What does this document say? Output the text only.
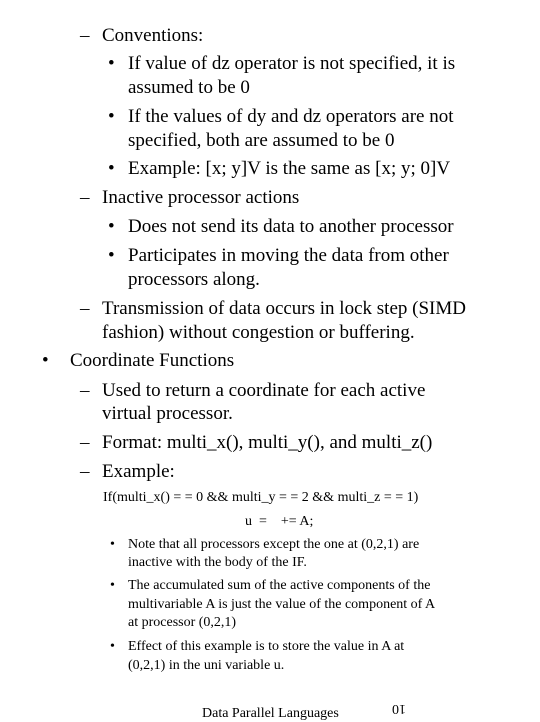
– Conventions:
• If value of dz operator is not specified, it is
assumed to be 0
• If the values of dy and dz operators are not
specified, both are assumed to be 0
• Example: [x; y]V is the same as [x; y; 0]V
– Inactive processor actions
• Does not send its data to another processor
• Participates in moving the data from other
processors along.
– Transmission of data occurs in lock step (SIMD
fashion) without congestion or buffering.
• Coordinate Functions
– Used to return a coordinate for each active
virtual processor.
– Format: multi_x(), multi_y(), and multi_z()
– Example:
If(multi_x() = = 0 && multi_y = = 2 && multi_z = = 1)
u  =    += A;
• Note that all processors except the one at (0,2,1) are
inactive with the body of the IF.
• The accumulated sum of the active components of the
multivariable A is just the value of the component of A
at processor (0,2,1)
• Effect of this example is to store the value in A at
(0,2,1) in the uni variable u.
Data Parallel Languages	10
